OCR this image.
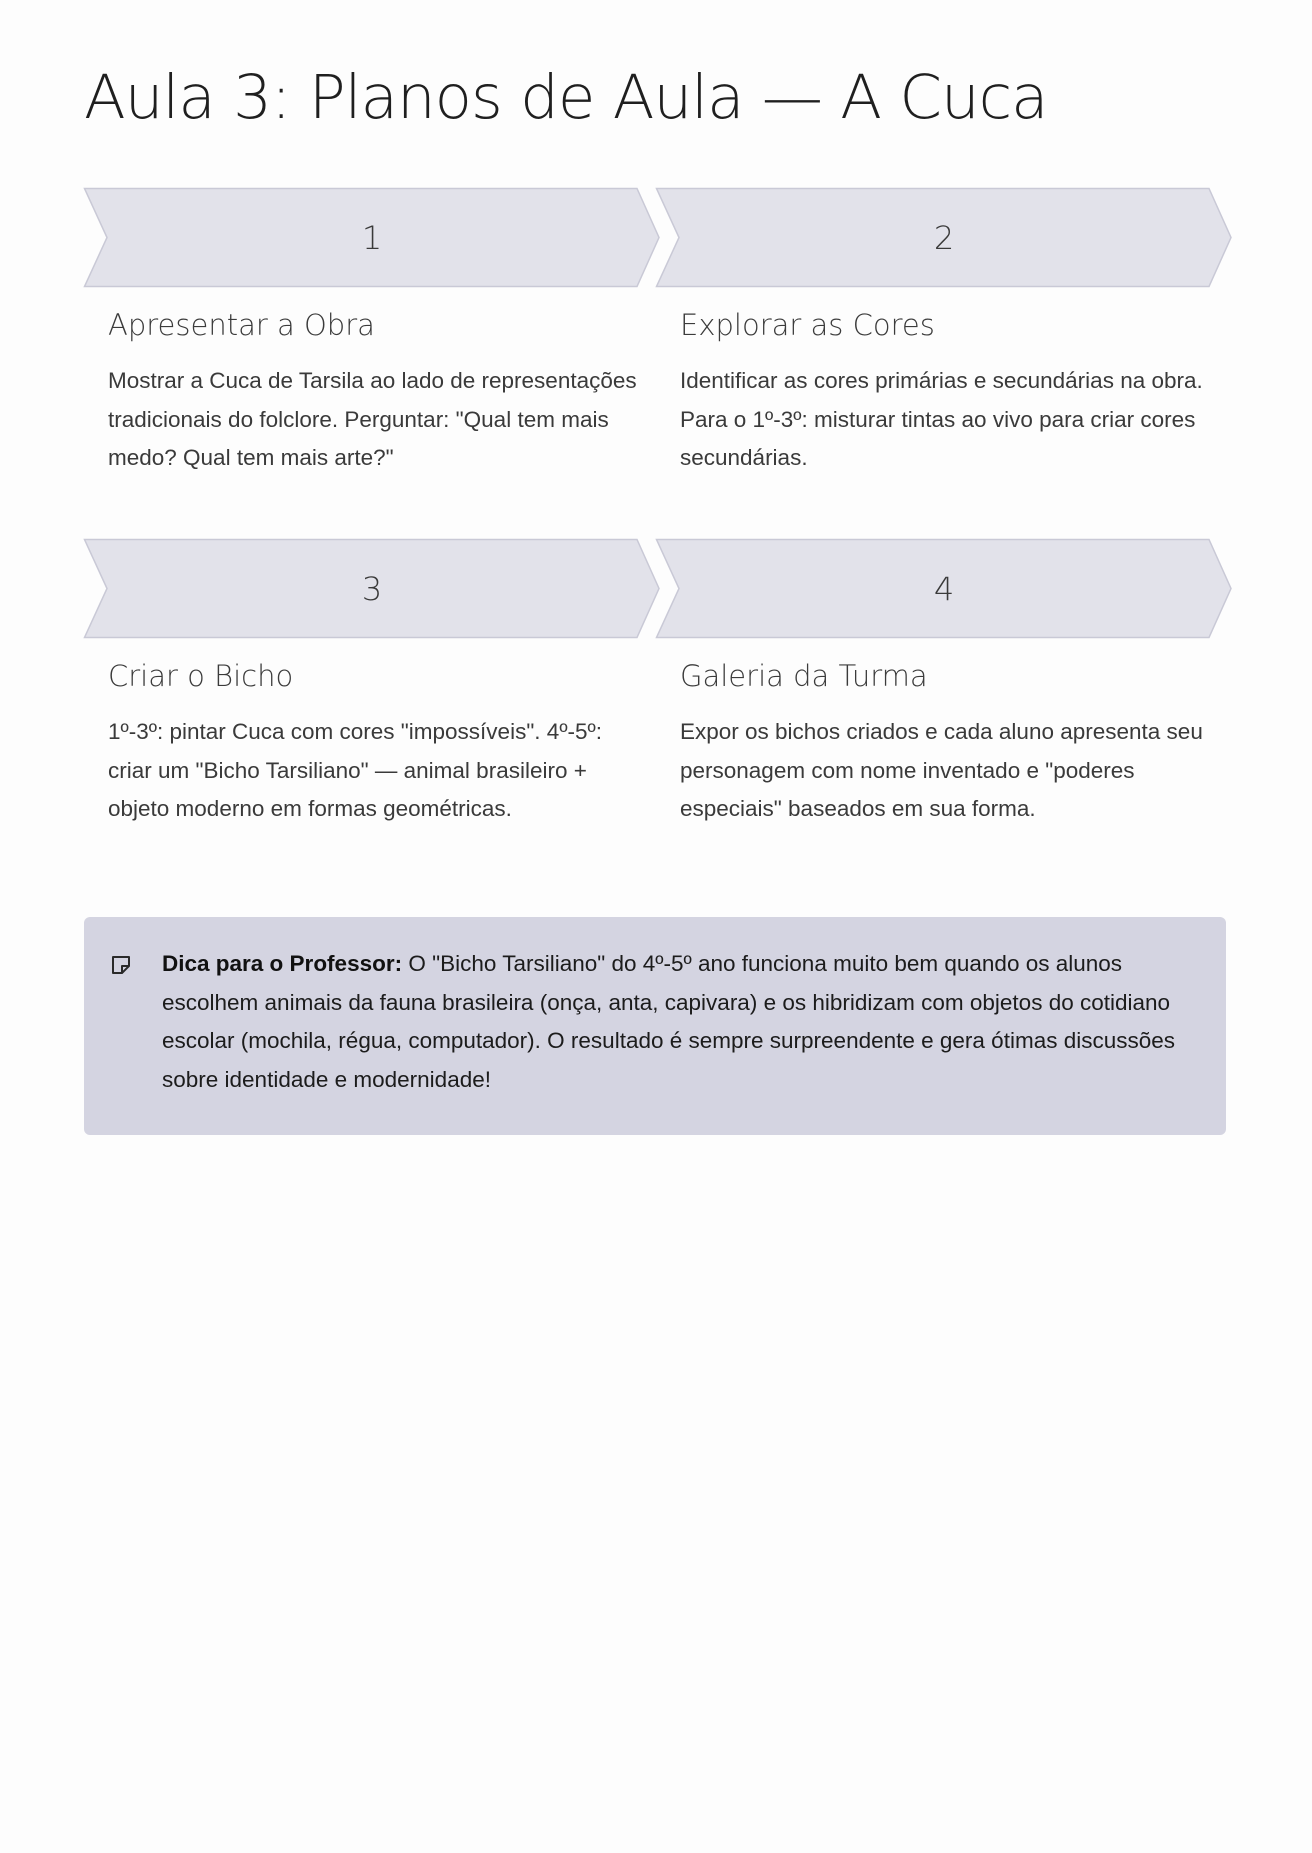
Aula 3: Planos de Aula — A Cuca
1
Apresentar a Obra

Mostrar a Cuca de Tarsila ao lado de representações tradicionais do folclore. Perguntar: "Qual tem mais medo? Qual tem mais arte?"

2
Explorar as Cores

Identificar as cores primárias e secundárias na obra. Para o 1º-3º: misturar tintas ao vivo para criar cores secundárias.

3
Criar o Bicho

1º-3º: pintar Cuca com cores "impossíveis". 4º-5º: criar um "Bicho Tarsiliano" — animal brasileiro + objeto moderno em formas geométricas.

4
Galeria da Turma

Expor os bichos criados e cada aluno apresenta seu personagem com nome inventado e "poderes especiais" baseados em sua forma.

Dica para o Professor: O "Bicho Tarsiliano" do 4º-5º ano funciona muito bem quando os alunos escolhem animais da fauna brasileira (onça, anta, capivara) e os hibridizam com objetos do cotidiano escolar (mochila, régua, computador). O resultado é sempre surpreendente e gera ótimas discussões sobre identidade e modernidade!
